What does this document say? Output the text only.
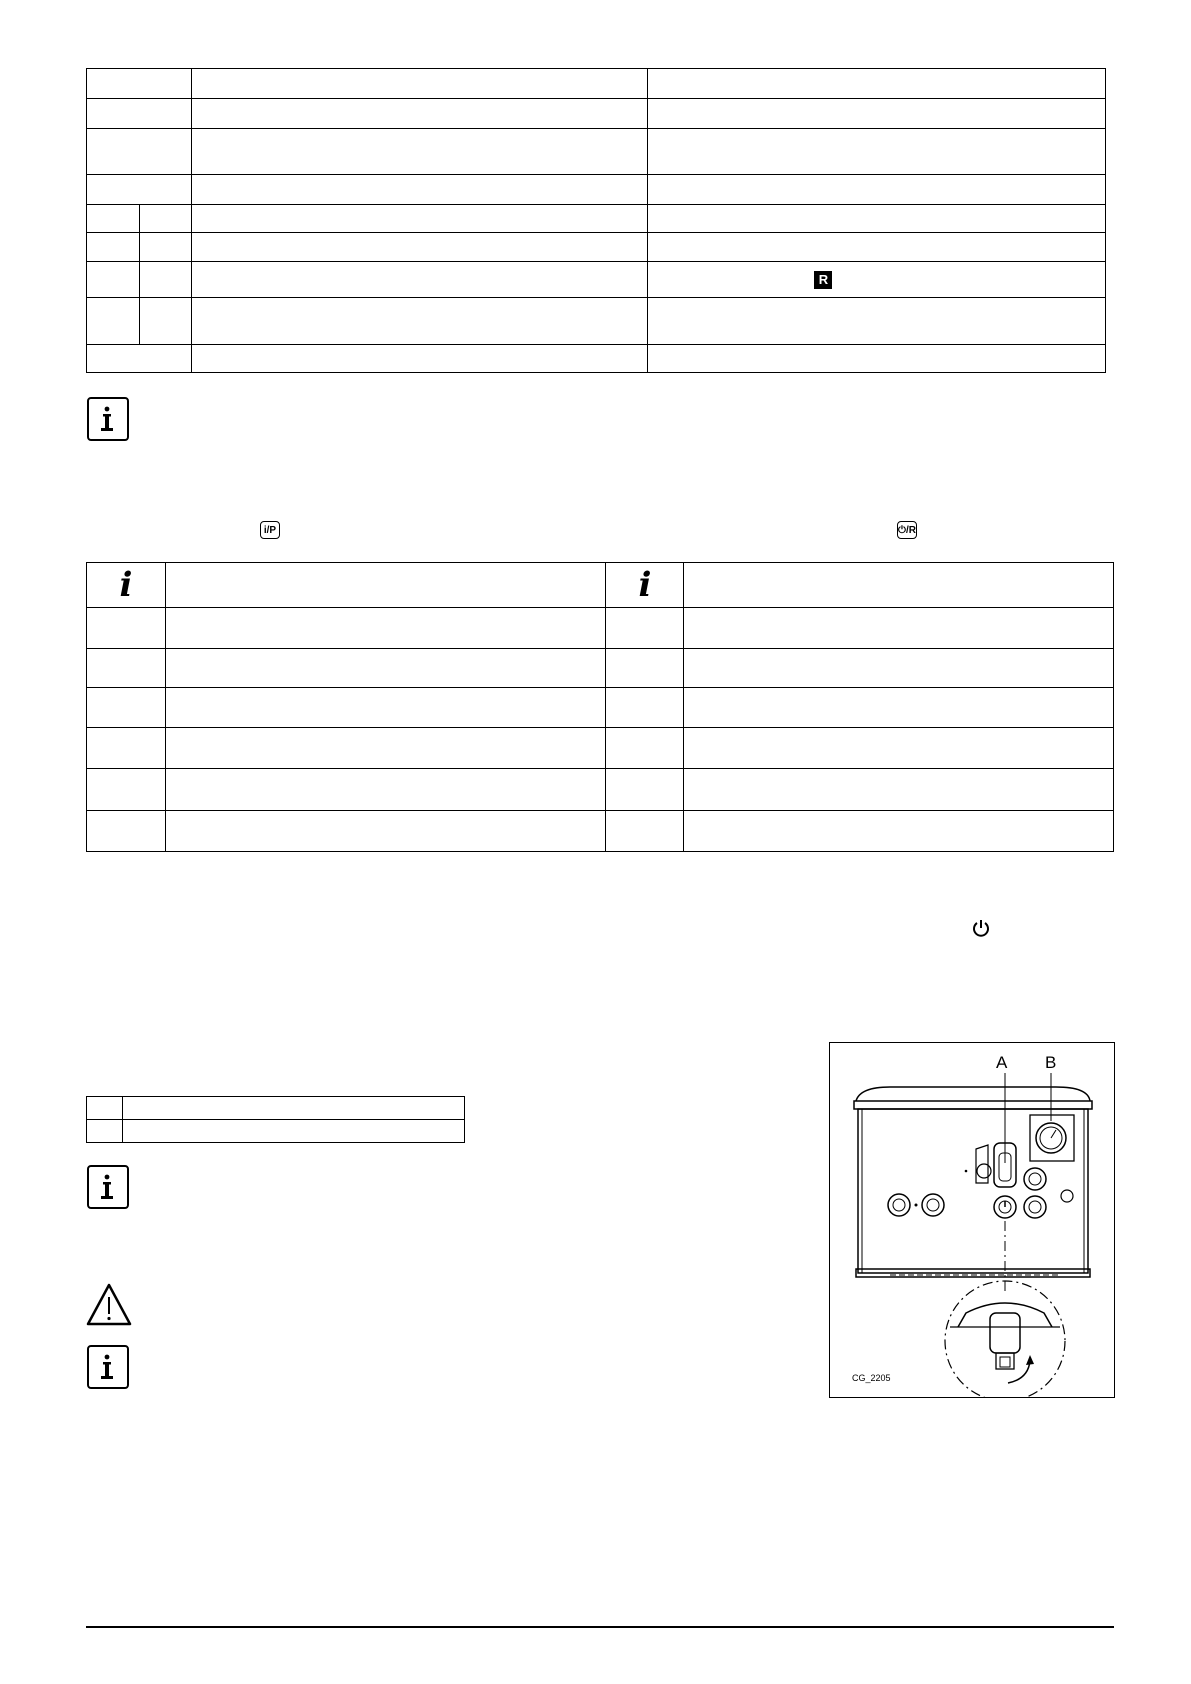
			R

i/P	⏻/R
i		i	

A B
CG_2205
